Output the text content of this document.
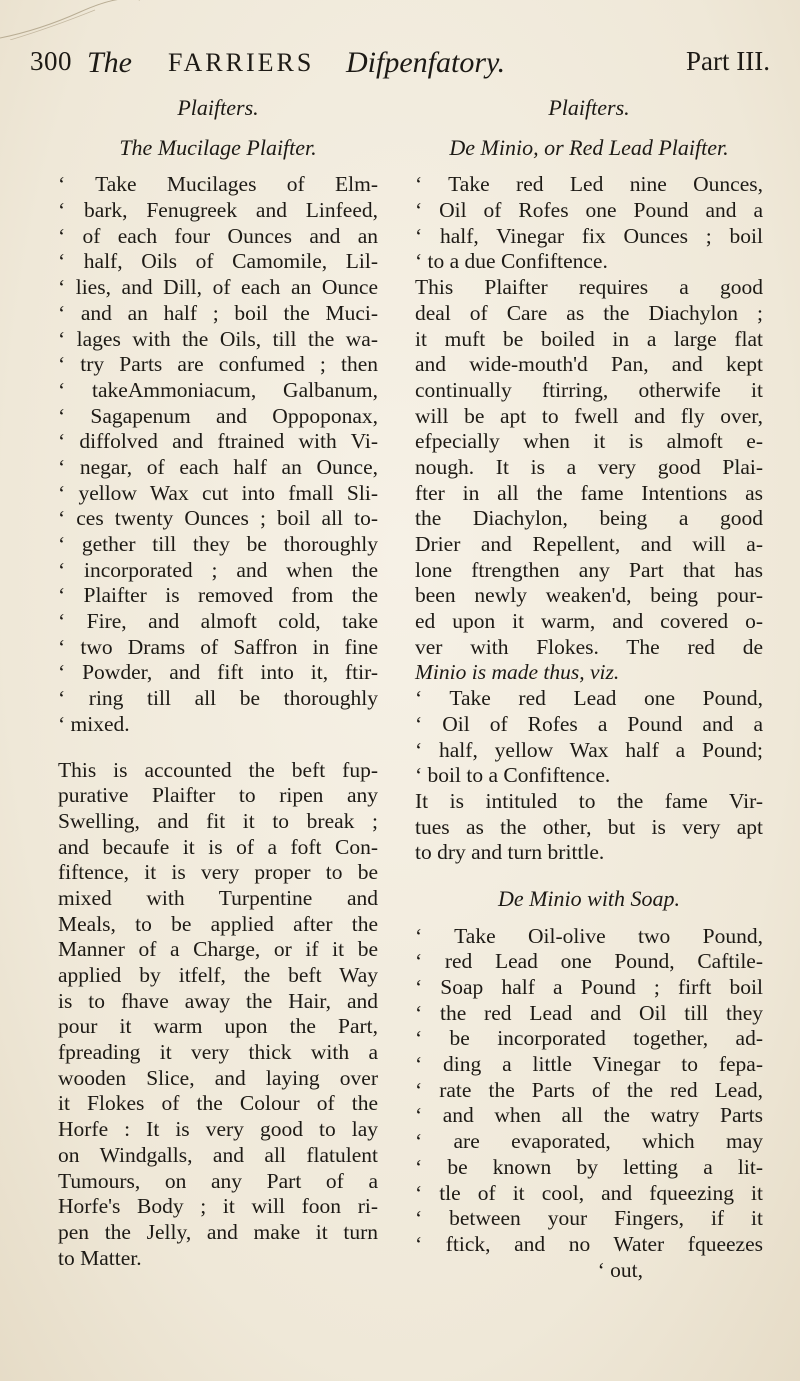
300 The FARRIERS Difpenfatory.	Part III.
Plaifters.
The Mucilage Plaifter.
‘ Take Mucilages of Elm-
‘ bark, Fenugreek and Linfeed,
‘ of each four Ounces and an
‘ half, Oils of Camomile, Lil-
‘ lies, and Dill, of each an Ounce
‘ and an half ; boil the Muci-
‘ lages with the Oils, till the wa-
‘ try Parts are confumed ; then
‘ takeAmmoniacum, Galbanum,
‘ Sagapenum and Oppoponax,
‘ diffolved and ftrained with Vi-
‘ negar, of each half an Ounce,
‘ yellow Wax cut into fmall Sli-
‘ ces twenty Ounces ; boil all to-
‘ gether till they be thoroughly
‘ incorporated ; and when the
‘ Plaifter is removed from the
‘ Fire, and almoft cold, take
‘ two Drams of Saffron in fine
‘ Powder, and fift into it, ftir-
‘ ring till all be thoroughly
‘ mixed.
This is accounted the beft fup-
purative Plaifter to ripen any
Swelling, and fit it to break ;
and becaufe it is of a foft Con-
fiftence, it is very proper to be
mixed with Turpentine and
Meals, to be applied after the
Manner of a Charge, or if it be
applied by itfelf, the beft Way
is to fhave away the Hair, and
pour it warm upon the Part,
fpreading it very thick with a
wooden Slice, and laying over
it Flokes of the Colour of the
Horfe : It is very good to lay
on Windgalls, and all flatulent
Tumours, on any Part of a
Horfe's Body ; it will foon ri-
pen the Jelly, and make it turn
to Matter.
Plaifters.
De Minio, or Red Lead Plaifter.
‘ Take red Led nine Ounces,
‘ Oil of Rofes one Pound and a
‘ half, Vinegar fix Ounces ; boil
‘ to a due Confiftence.
This Plaifter requires a good
deal of Care as the Diachylon ;
it muft be boiled in a large flat
and wide-mouth'd Pan, and kept
continually ftirring, otherwife it
will be apt to fwell and fly over,
efpecially when it is almoft e-
nough. It is a very good Plai-
fter in all the fame Intentions as
the Diachylon, being a good
Drier and Repellent, and will a-
lone ftrengthen any Part that has
been newly weaken'd, being pour-
ed upon it warm, and covered o-
ver with Flokes. The red de
Minio is made thus, viz.
‘ Take red Lead one Pound,
‘ Oil of Rofes a Pound and a
‘ half, yellow Wax half a Pound;
‘ boil to a Confiftence.
It is intituled to the fame Vir-
tues as the other, but is very apt
to dry and turn brittle.
De Minio with Soap.
‘ Take Oil-olive two Pound,
‘ red Lead one Pound, Caftile-
‘ Soap half a Pound ; firft boil
‘ the red Lead and Oil till they
‘ be incorporated together, ad-
‘ ding a little Vinegar to fepa-
‘ rate the Parts of the red Lead,
‘ and when all the watry Parts
‘ are evaporated, which may
‘ be known by letting a lit-
‘ tle of it cool, and fqueezing it
‘ between your Fingers, if it
‘ ftick, and no Water fqueezes
‘ out,
